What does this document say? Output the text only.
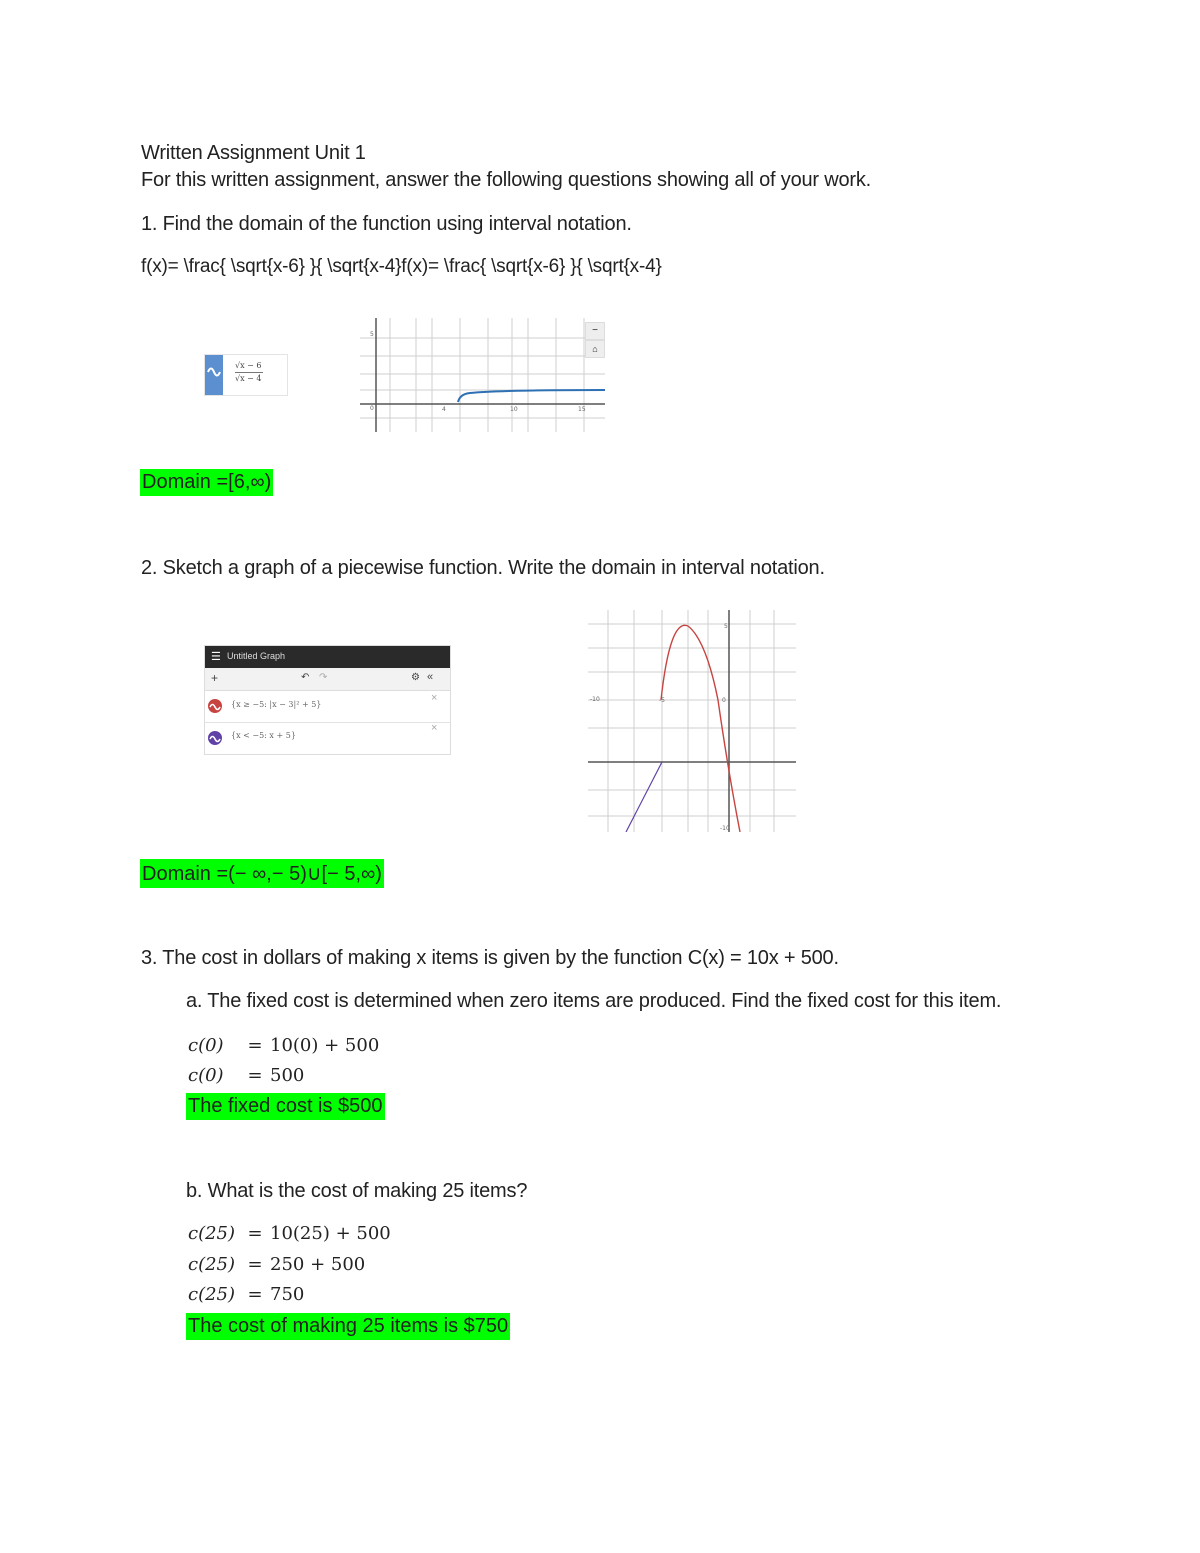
Written Assignment Unit 1
For this written assignment, answer the following questions showing all of your work.
1. Find the domain of the function using interval notation.
f(x)= \frac{ \sqrt{x-6} }{ \sqrt{x-4}f(x)= \frac{ \sqrt{x-6} }{ \sqrt{x-4}
√x − 6
√x − 4
5
0	4	10	15
−
⌂
Domain =[6,∞)
2. Sketch a graph of a piecewise function. Write the domain in interval notation.
☰ Untitled Graph
+	↶ ↷	⚙ «
{x ≥ −5: |x − 3|² + 5}
×
{x < −5: x + 5}
×
-10	-5	0
5
-10
Domain =(− ∞,− 5)∪[− 5,∞)
3. The cost in dollars of making x items is given by the function C(x) = 10x + 500.
a. The fixed cost is determined when zero items are produced. Find the fixed cost for this item.
c(0) = 10(0) + 500
c(0) = 500
The fixed cost is $500
b. What is the cost of making 25 items?
c(25) = 10(25) + 500
c(25) = 250 + 500
c(25) = 750
The cost of making 25 items is $750
